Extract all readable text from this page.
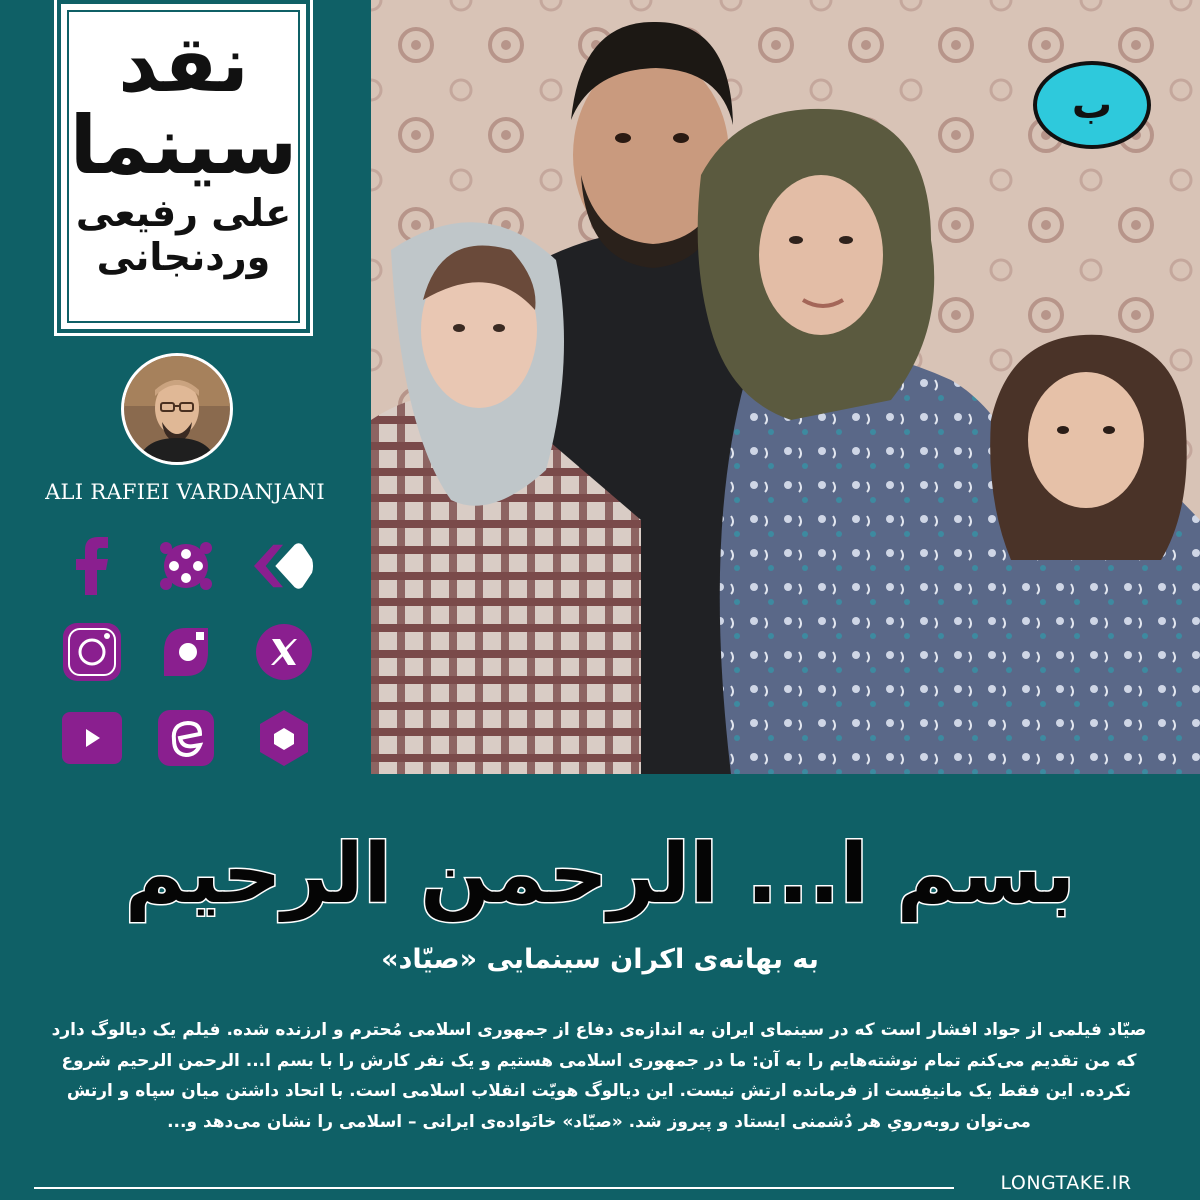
نقد
سینما
علی رفیعی
وردنجانی
ALI RAFIEI VARDANJANI
ب
بسم ا... الرحمن الرحیم
به بهانه‌ی اکران سینمایی «صیّاد»
صیّاد فیلمی از جواد افشار است که در سینمای ایران به اندازه‌ی دفاع از جمهوری اسلامی مُحترم و ارزنده شده. فیلم یک دیالوگ دارد
که من تقدیم می‌کنم تمام نوشته‌هایم را به آن: ما در جمهوری اسلامی هستیم و یک نفر کارش را با بسم ا... الرحمن الرحیم شروع
نکرده. این فقط یک مانیفِست از فرمانده ارتش نیست. این دیالوگ هویّت انقلاب اسلامی است. با اتحاد داشتن میان سپاه و ارتش
می‌توان روبه‌رویِ هر دُشمنی ایستاد و پیروز شد. «صیّاد» خانَواده‌ی ایرانی – اسلامی را نشان می‌دهد و...
LONGTAKE.IR
